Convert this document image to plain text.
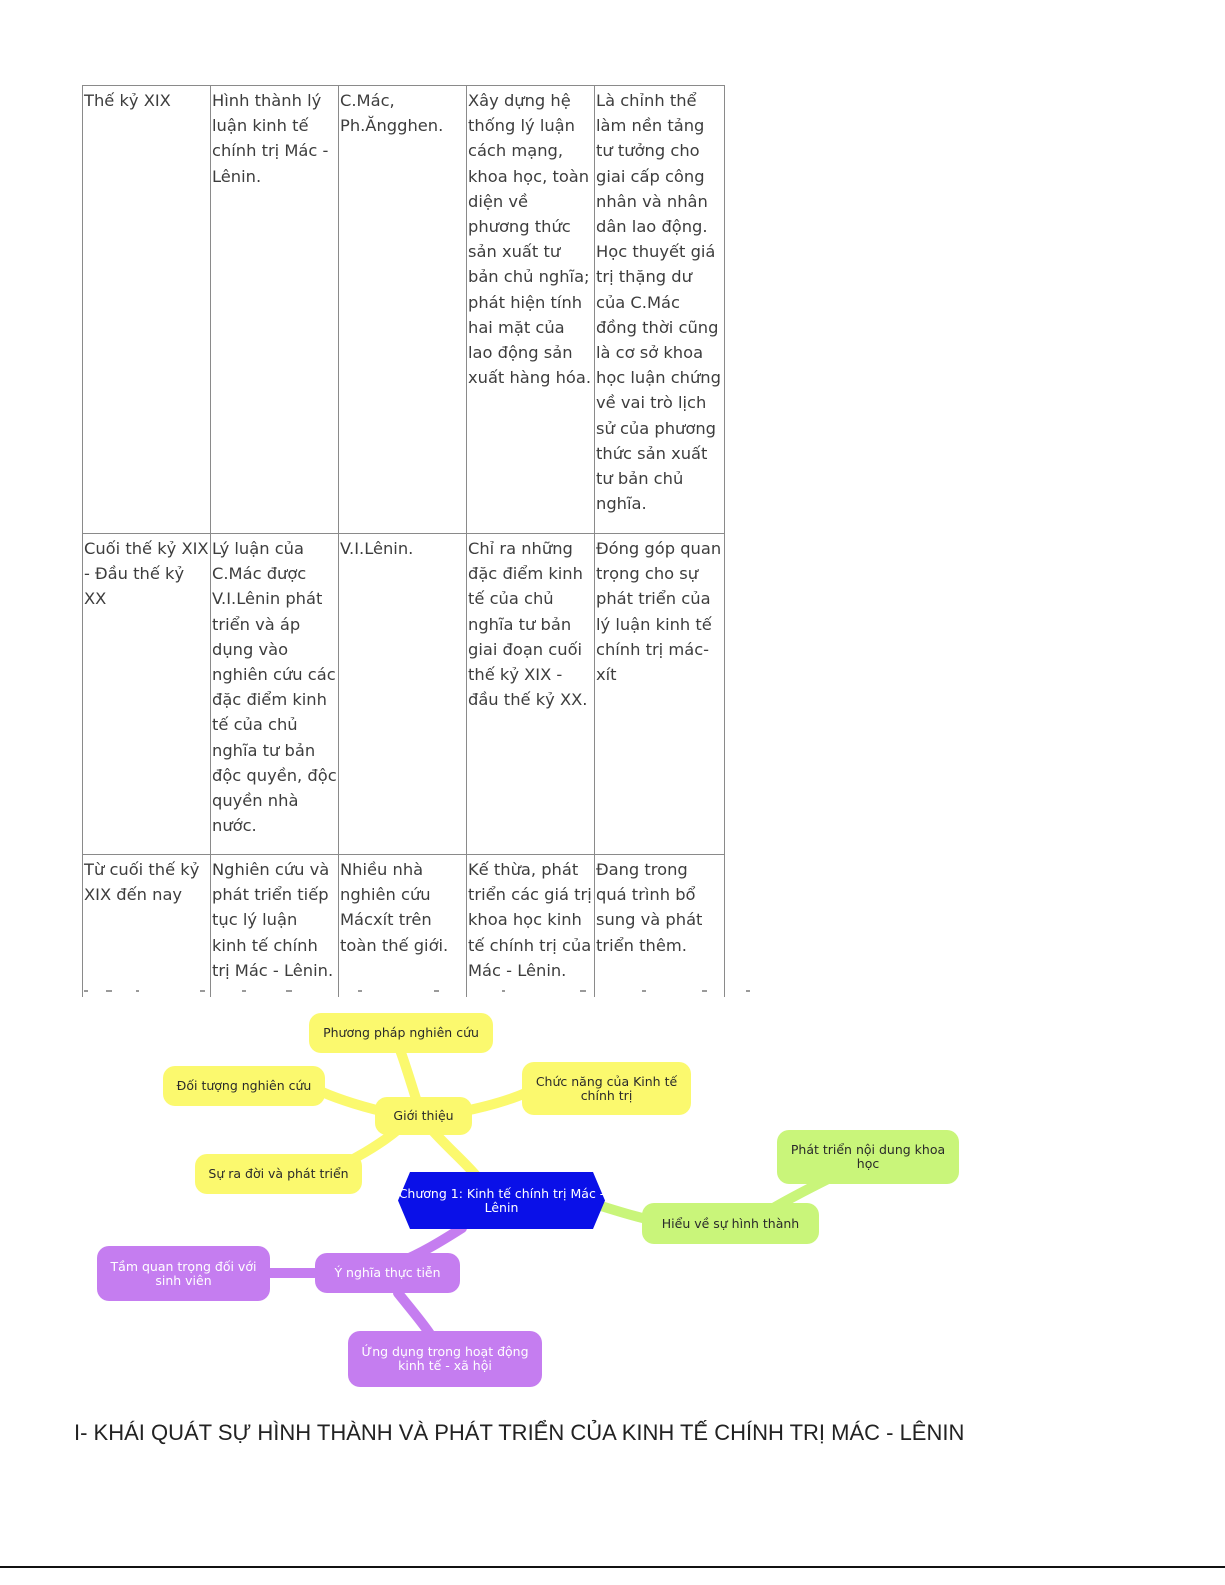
Thế kỷ XIX	Hình thành lý luận kinh tế chính trị Mác - Lênin.	C.Mác, Ph.Ăngghen.	Xây dựng hệ thống lý luận cách mạng, khoa học, toàn diện về phương thức sản xuất tư bản chủ nghĩa; phát hiện tính hai mặt của lao động sản xuất hàng hóa.	Là chỉnh thể làm nền tảng tư tưởng cho giai cấp công nhân và nhân dân lao động. Học thuyết giá trị thặng dư của C.Mác đồng thời cũng là cơ sở khoa học luận chứng về vai trò lịch sử của phương thức sản xuất tư bản chủ nghĩa.
Cuối thế kỷ XIX - Đầu thế kỷ XX	Lý luận của C.Mác được V.I.Lênin phát triển và áp dụng vào nghiên cứu các đặc điểm kinh tế của chủ nghĩa tư bản độc quyền, độc quyền nhà nước.	V.I.Lênin.	Chỉ ra những đặc điểm kinh tế của chủ nghĩa tư bản giai đoạn cuối thế kỷ XIX - đầu thế kỷ XX.	Đóng góp quan trọng cho sự phát triển của lý luận kinh tế chính trị mác-xít
Từ cuối thế kỷ XIX đến nay	Nghiên cứu và phát triển tiếp tục lý luận kinh tế chính trị Mác - Lênin.	Nhiều nhà nghiên cứu Mácxít trên toàn thế giới.	Kế thừa, phát triển các giá trị khoa học kinh tế chính trị của Mác - Lênin.	Đang trong quá trình bổ sung và phát triển thêm.
Phương pháp nghiên cứu
Đối tượng nghiên cứu	Chức năng của Kinh tế chính trị
Giới thiệu
Sự ra đời và phát triển
Chương 1: Kinh tế chính trị Mác - Lênin
Phát triển nội dung khoa học
Hiểu về sự hình thành
Tầm quan trọng đối với sinh viên	Ý nghĩa thực tiễn
Ứng dụng trong hoạt động kinh tế - xã hội
I- KHÁI QUÁT SỰ HÌNH THÀNH VÀ PHÁT TRIỂN CỦA KINH TẾ CHÍNH TRỊ MÁC - LÊNIN
